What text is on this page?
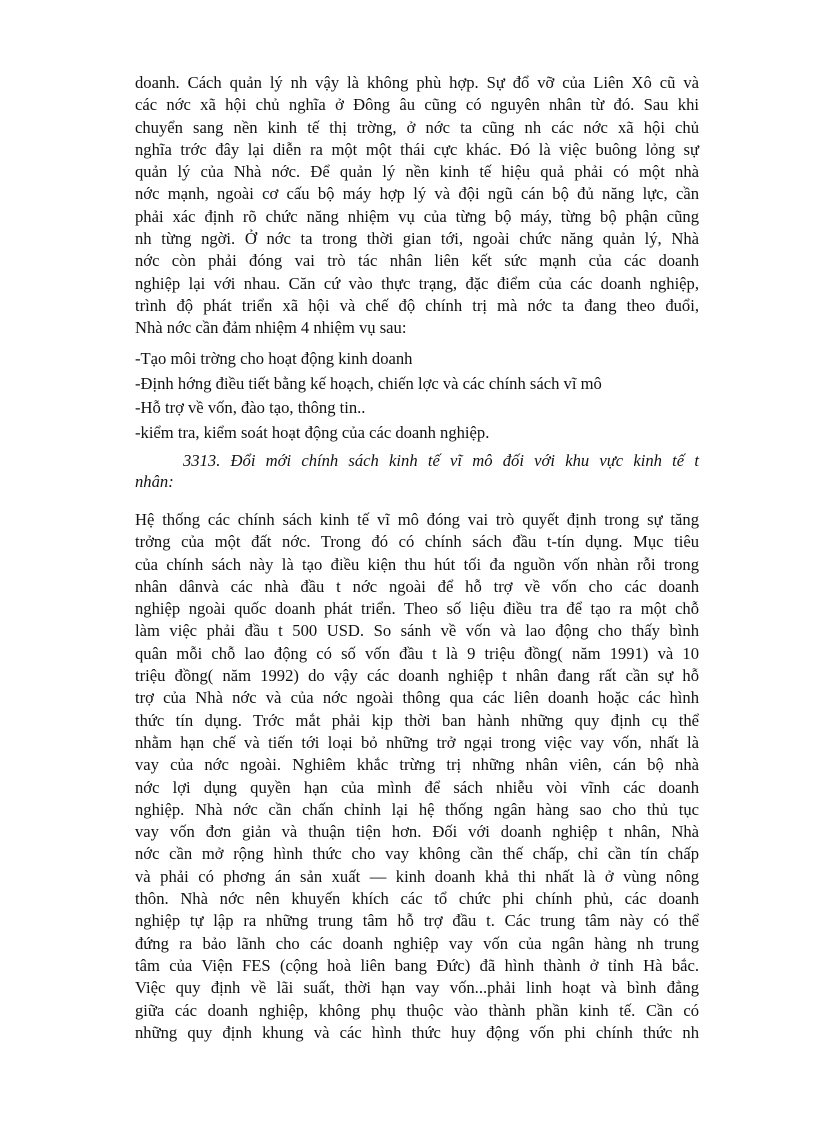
doanh. Cách quản lý nh vậy là không phù hợp. Sự đổ vỡ của Liên Xô cũ và
các nớc xã hội chủ nghĩa ở Đông âu cũng có nguyên nhân từ đó. Sau khi
chuyển sang nền kinh tế thị trờng, ở nớc ta cũng nh các nớc xã hội chủ
nghĩa trớc đây lại diễn ra một một thái cực khác. Đó là việc buông lỏng sự
quản lý của Nhà nớc. Để quản lý nền kinh tế hiệu quả phải có một nhà
nớc mạnh, ngoài cơ cấu bộ máy hợp lý và đội ngũ cán bộ đủ năng lực, cần
phải xác định rõ chức năng nhiệm vụ của từng bộ máy, từng bộ phận cũng
nh từng ngời. Ở nớc ta trong thời gian tới, ngoài chức năng quản lý, Nhà
nớc còn phải đóng vai trò tác nhân liên kết sức mạnh của các doanh
nghiệp lại với nhau. Căn cứ vào thực trạng, đặc điểm của các doanh nghiệp,
trình độ phát triển xã hội và chế độ chính trị mà nớc ta đang theo đuổi,
Nhà nớc cần đảm nhiệm 4 nhiệm vụ sau:
-Tạo môi trờng cho hoạt động kinh doanh
-Định hớng điều tiết bằng kế hoạch, chiến lợc và các chính sách vĩ mô
-Hỗ trợ về vốn, đào tạo, thông tin..
-kiểm tra, kiểm soát hoạt động của các doanh nghiệp.
3313. Đổi mới chính sách kinh tế vĩ mô đối với khu vực kinh tế t
nhân:
Hệ thống các chính sách kinh tế vĩ mô đóng vai trò quyết định trong sự tăng
trởng của một đất nớc. Trong đó có chính sách đầu t-tín dụng. Mục tiêu
của chính sách này là tạo điều kiện thu hút tối đa nguồn vốn nhàn rỗi trong
nhân dânvà các nhà đầu t nớc ngoài để hỗ trợ về vốn cho các doanh
nghiệp ngoài quốc doanh phát triển. Theo số liệu điều tra để tạo ra một chỗ
làm việc phải đầu t 500 USD. So sánh về vốn và lao động cho thấy bình
quân mỗi chỗ lao động có số vốn đầu t là 9 triệu đồng( năm 1991) và 10
triệu đồng( năm 1992) do vậy các doanh nghiệp t nhân đang rất cần sự hỗ
trợ của Nhà nớc và của nớc ngoài thông qua các liên doanh hoặc các hình
thức tín dụng. Trớc mắt phải kịp thời ban hành những quy định cụ thể
nhằm hạn chế và tiến tới loại bỏ những trở ngại trong việc vay vốn, nhất là
vay của nớc ngoài. Nghiêm khắc trừng trị những nhân viên, cán bộ nhà
nớc lợi dụng quyền hạn của mình để sách nhiễu vòi vĩnh các doanh
nghiệp. Nhà nớc cần chấn chỉnh lại hệ thống ngân hàng sao cho thủ tục
vay vốn đơn giản và thuận tiện hơn. Đối với doanh nghiệp t nhân, Nhà
nớc cần mở rộng hình thức cho vay không cần thế chấp, chỉ cần tín chấp
và phải có phơng án sản xuất — kinh doanh khả thi nhất là ở vùng nông
thôn. Nhà nớc nên khuyến khích các tổ chức phi chính phủ, các doanh
nghiệp tự lập ra những trung tâm hỗ trợ đầu t. Các trung tâm này có thể
đứng ra bảo lãnh cho các doanh nghiệp vay vốn của ngân hàng nh trung
tâm của Viện FES (cộng hoà liên bang Đức) đã hình thành ở tỉnh Hà bắc.
Việc quy định về lãi suất, thời hạn vay vốn...phải linh hoạt và bình đẳng
giữa các doanh nghiệp, không phụ thuộc vào thành phần kinh tế. Cần có
những quy định khung và các hình thức huy động vốn phi chính thức nh
